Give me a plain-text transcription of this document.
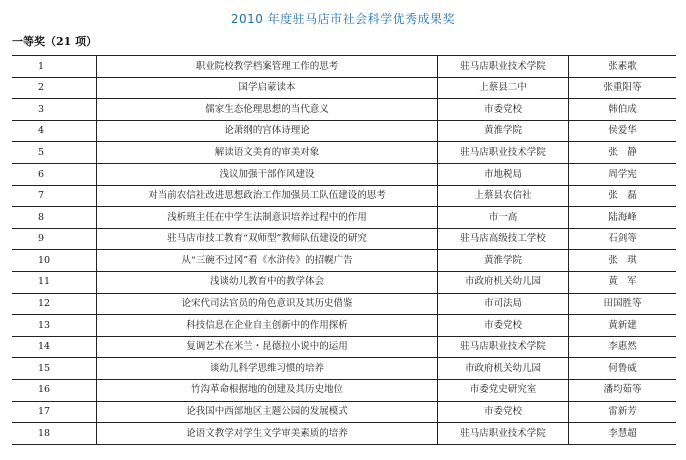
2010 年度驻马店市社会科学优秀成果奖
一等奖（21 项）
1	职业院校教学档案管理工作的思考	驻马店职业技术学院	张素歌
2	国学启蒙读本	上蔡县二中	张重阳等
3	儒家生态伦理思想的当代意义	市委党校	韩伯成
4	论萧纲的宫体诗理论	黄淮学院	侯爱华
5	解读语文美育的审美对象	驻马店职业技术学院	张　静
6	浅议加强干部作风建设	市地税局	周学宪
7	对当前农信社改进思想政治工作加强员工队伍建设的思考	上蔡县农信社	张　磊
8	浅析班主任在中学生法制意识培养过程中的作用	市一高	陆海峰
9	驻马店市技工教育“双师型”教师队伍建设的研究	驻马店高级技工学校	石剑等
10	从“三碗不过冈”看《水浒传》的招幌广告	黄淮学院	张　琪
11	浅谈幼儿教育中的教学体会	市政府机关幼儿园	黄　军
12	论宋代司法官员的角色意识及其历史借鉴	市司法局	田国胜等
13	科技信息在企业自主创新中的作用探析	市委党校	黄新建
14	复调艺术在米兰・昆德拉小说中的运用	驻马店职业技术学院	李惠然
15	谈幼儿科学思维习惯的培养	市政府机关幼儿园	何鲁威
16	竹沟革命根据地的创建及其历史地位	市委党史研究室	潘均茹等
17	论我国中西部地区主题公园的发展模式	市委党校	雷新芳
18	论语文教学对学生文学审美素质的培养	驻马店职业技术学院	李慧超
